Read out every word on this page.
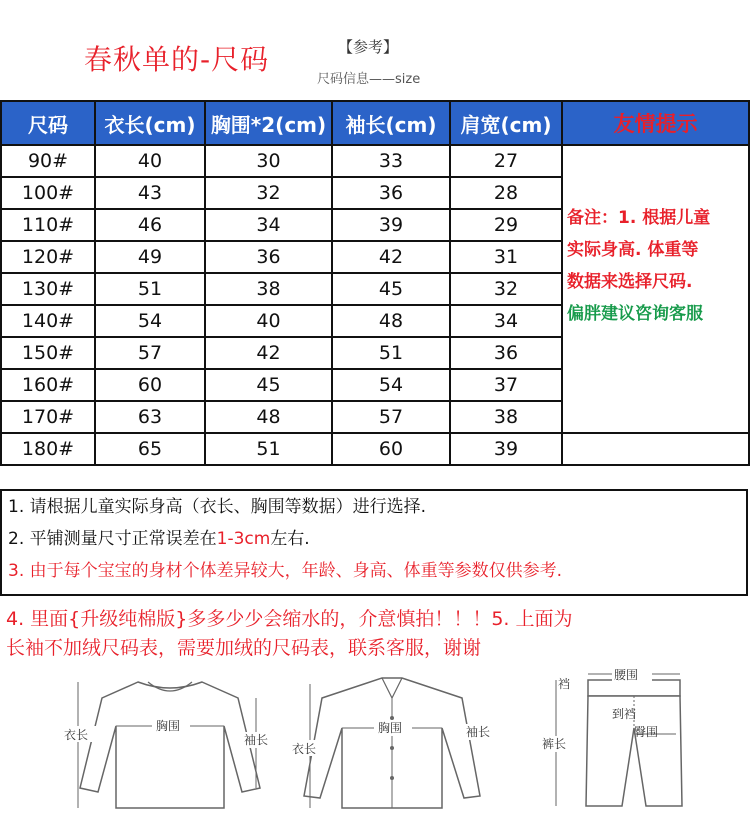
春秋单的-尺码	【参考】
尺码信息——size
尺码	衣长(cm)	胸围*2(cm)	袖长(cm)	肩宽(cm)	友情提示
90#	40	30	33	27	备注：1. 根据儿童
实际身高. 体重等
数据来选择尺码.
偏胖建议咨询客服

100#	43	32	36	28	
110#	46	34	39	29	
120#	49	36	42	31	
130#	51	38	45	32	
140#	54	40	48	34	
150#	57	42	51	36	
160#	60	45	54	37	
170#	63	48	57	38	
180#	65	51	60	39	
1. 请根据儿童实际身高（衣长、胸围等数据）进行选择.
2. 平铺测量尺寸正常误差在1-3cm左右.
3. 由于每个宝宝的身材个体差异较大，年龄、身高、体重等参数仅供参考.
4. 里面{升级纯棉版}多多少少会缩水的，介意慎拍！！！5. 上面为
长袖不加绒尺码表，需要加绒的尺码表，联系客服，谢谢
衣长
胸围
袖长
衣长
胸围	袖长
腰围
裤长
裆
到裆
臀围
